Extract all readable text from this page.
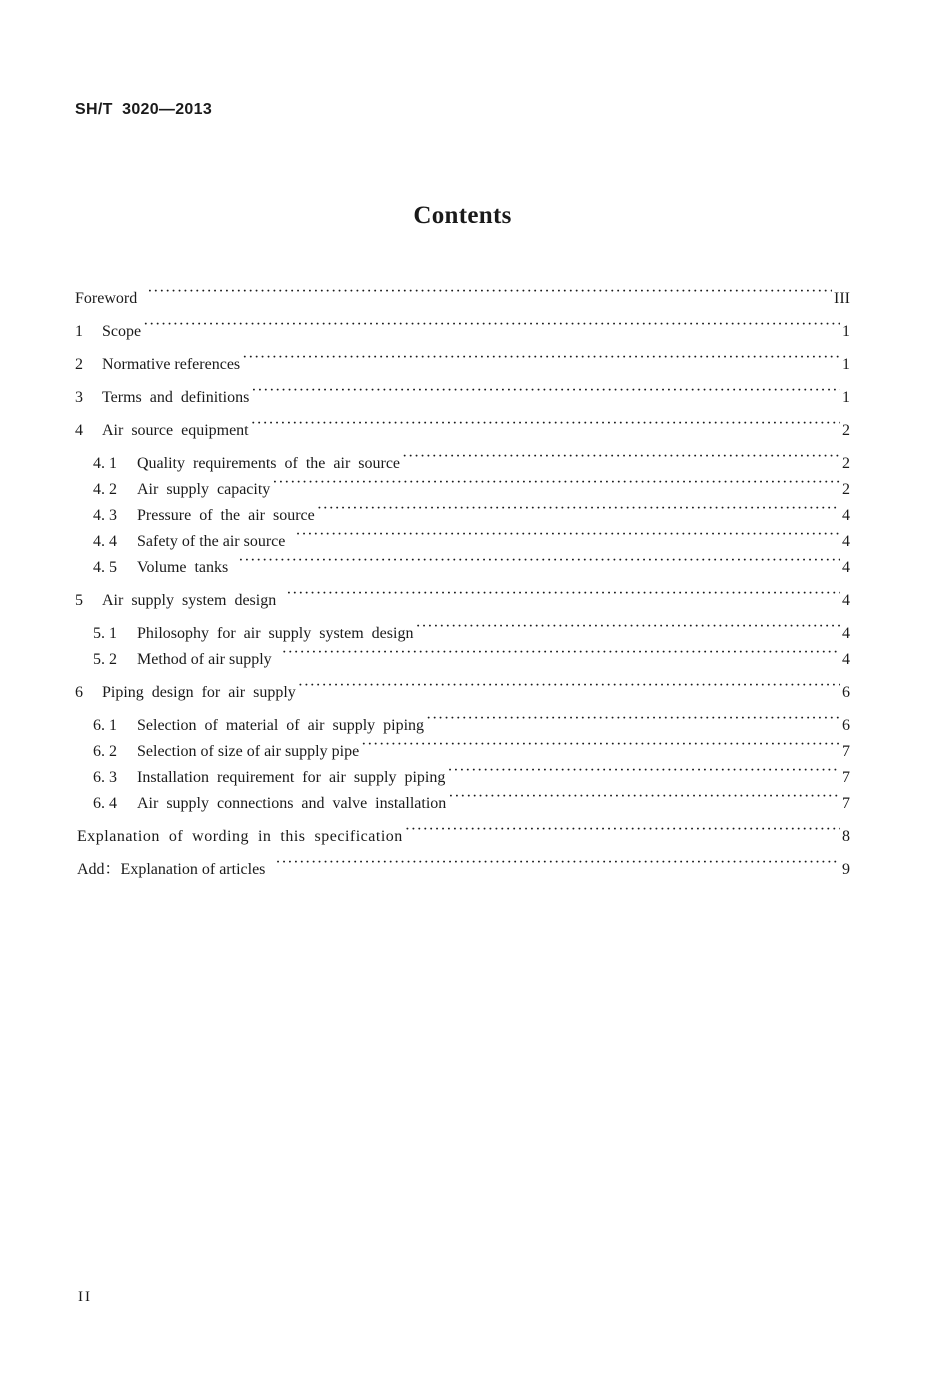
SH/T  3020—2013
Contents
Foreword ·····	III
1	Scope ·····	1
2	Normative references ·····	1
3	Terms  and  definitions ·····	1
4	Air  source  equipment ·····	2
4. 1	Quality  requirements  of  the  air  source ·····	2
4. 2	Air  supply  capacity ·····	2
4. 3	Pressure  of  the  air  source ·····	4
4. 4	Safety of the air source ·····	4
4. 5	Volume  tanks ·····	4
5	Air  supply  system  design ·····	4
5. 1	Philosophy  for  air  supply  system  design ·····	4
5. 2	Method of air supply ·····	4
6	Piping  design  for  air  supply ·····	6
6. 1	Selection  of  material  of  air  supply  piping ·····	6
6. 2	Selection of size of air supply pipe ·····	7
6. 3	Installation  requirement  for  air  supply  piping ·····	7
6. 4	Air  supply  connections  and  valve  installation ·····	7
Explanation  of  wording  in  this  specification ·····	8
Add：Explanation of articles ·····	9
II
